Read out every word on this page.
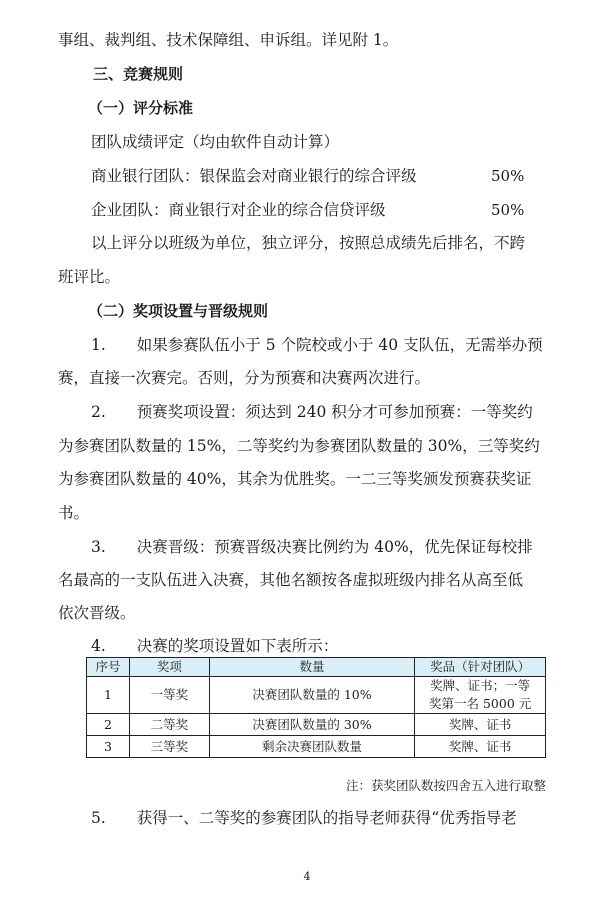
事组、裁判组、技术保障组、申诉组。详见附 1。
三、竞赛规则
（一）评分标准
团队成绩评定（均由软件自动计算）
商业银行团队：银保监会对商业银行的综合评级	50%
企业团队：商业银行对企业的综合信贷评级	50%
以上评分以班级为单位，独立评分，按照总成绩先后排名，不跨
班评比。
（二）奖项设置与晋级规则
1.　　如果参赛队伍小于 5 个院校或小于 40 支队伍，无需举办预
赛，直接一次赛完。否则，分为预赛和决赛两次进行。
2.　　预赛奖项设置：须达到 240 积分才可参加预赛：一等奖约
为参赛团队数量的 15%，二等奖约为参赛团队数量的 30%，三等奖约
为参赛团队数量的 40%，其余为优胜奖。一二三等奖颁发预赛获奖证
书。
3.　　决赛晋级：预赛晋级决赛比例约为 40%，优先保证每校排
名最高的一支队伍进入决赛，其他名额按各虚拟班级内排名从高至低
依次晋级。
4.　　决赛的奖项设置如下表所示：
序号	奖项	数量	奖品（针对团队）
1	一等奖	决赛团队数量的 10%	奖牌、证书；一等
奖第一名 5000 元
2	二等奖	决赛团队数量的 30%	奖牌、证书
3	三等奖	剩余决赛团队数量	奖牌、证书
注：获奖团队数按四舍五入进行取整
5.　　获得一、二等奖的参赛团队的指导老师获得“优秀指导老
4
